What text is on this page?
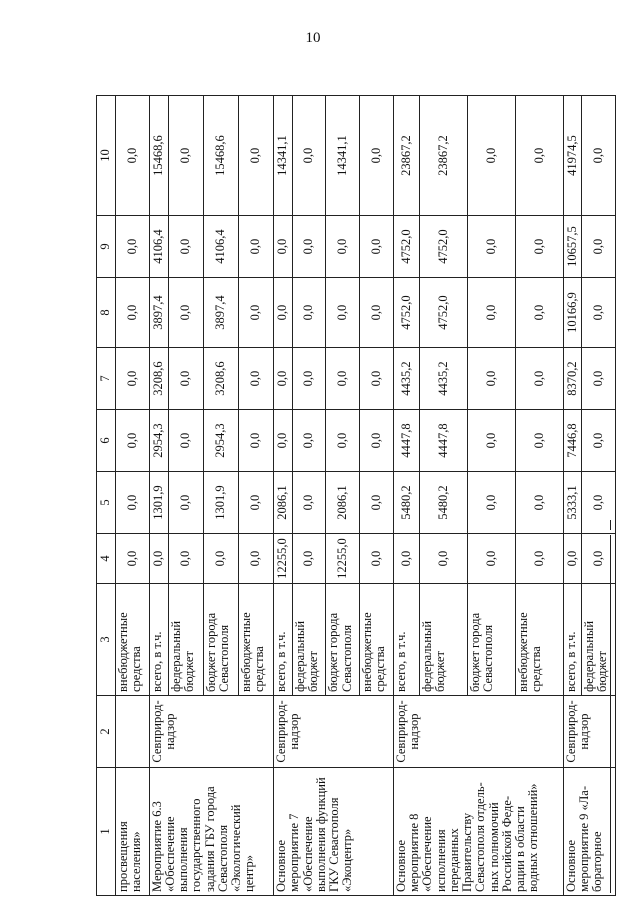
10
1	2	3	4	5	6	7	8	9	10
просвещения населения»		внебюджетные средства	0,0	0,0	0,0	0,0	0,0	0,0	0,0
Мероприятие 6.3 «Обеспечение выполнения государственного задания ГБУ города Севастополя «Экологический центр»	Севприрод-надзор	всего, в т.ч.	0,0	1301,9	2954,3	3208,6	3897,4	4106,4	15468,6
		федеральный бюджет	0,0	0,0	0,0	0,0	0,0	0,0	0,0
		бюджет города Севастополя	0,0	1301,9	2954,3	3208,6	3897,4	4106,4	15468,6
		внебюджетные средства	0,0	0,0	0,0	0,0	0,0	0,0	0,0
Основное мероприятие 7 «Обеспечение выполнения функций ГКУ Севастополя «Экоцентр»	Севприрод-надзор	всего, в т.ч.	12255,0	2086,1	0,0	0,0	0,0	0,0	14341,1
		федеральный бюджет	0,0	0,0	0,0	0,0	0,0	0,0	0,0
		бюджет города Севастополя	12255,0	2086,1	0,0	0,0	0,0	0,0	14341,1
		внебюджетные средства	0,0	0,0	0,0	0,0	0,0	0,0	0,0
Основное мероприятие 8 «Обеспечение исполнения переданных Правительству Севастополя отдель-ных полномочий Российской Феде-рации в области водных отношений»	Севприрод-надзор	всего, в т.ч.	0,0	5480,2	4447,8	4435,2	4752,0	4752,0	23867,2
		федеральный бюджет	0,0	5480,2	4447,8	4435,2	4752,0	4752,0	23867,2
		бюджет города Севастополя	0,0	0,0	0,0	0,0	0,0	0,0	0,0
		внебюджетные средства	0,0	0,0	0,0	0,0	0,0	0,0	0,0
Основное мероприятие 9 «Ла-бораторное	Севприрод-надзор	всего, в т.ч.	0,0	5333,1	7446,8	8370,2	10166,9	10657,5	41974,5
		федеральный бюджет	0,0	0,0	0,0	0,0	0,0	0,0	0,0
